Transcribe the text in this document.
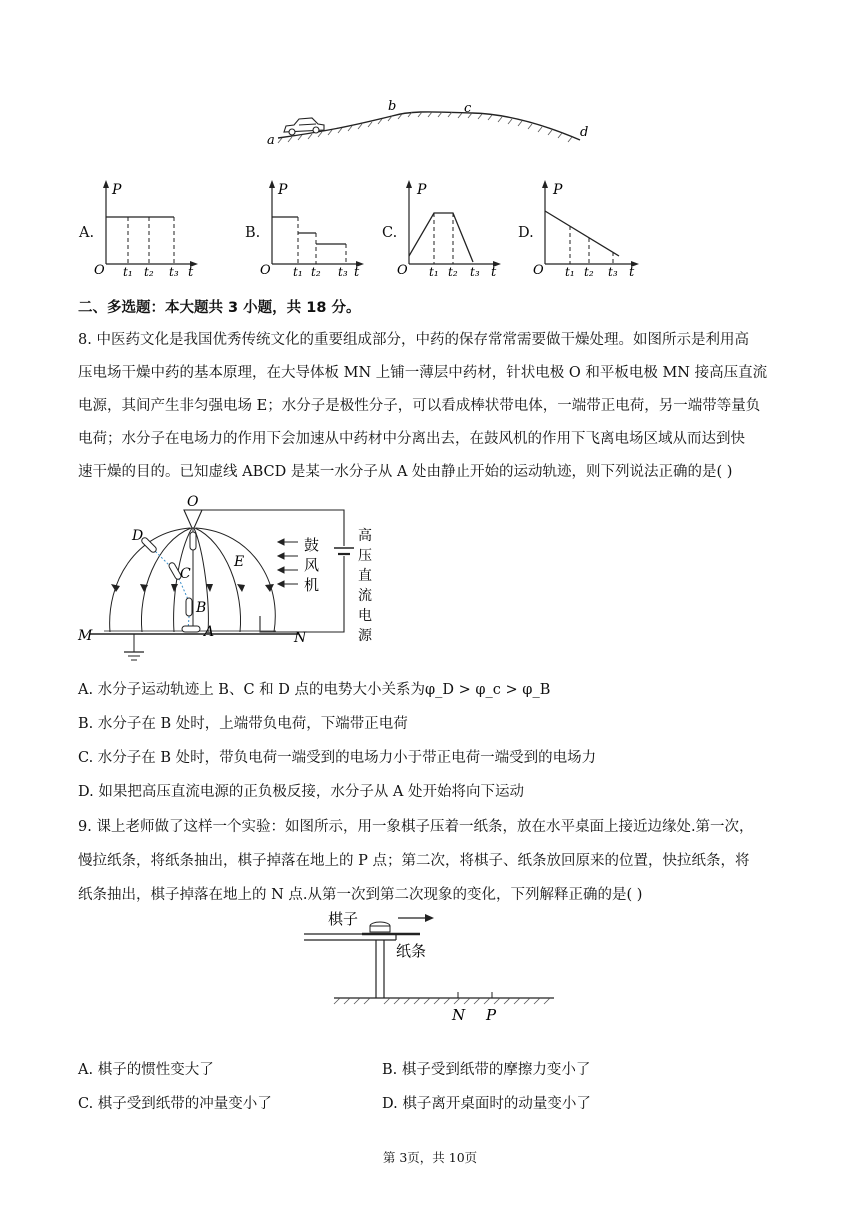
a
b	c
d
A.
P
O t₁ t₂ t₃ t
B.
P
O t₁ t₂ t₃ t
C.
P
O t₁ t₂ t₃ t
D.
P
O t₁ t₂ t₃ t
二、多选题：本大题共 3 小题，共 18 分。
8. 中医药文化是我国优秀传统文化的重要组成部分，中药的保存常常需要做干燥处理。如图所示是利用高
压电场干燥中药的基本原理，在大导体板 MN 上铺一薄层中药材，针状电极 O 和平板电极 MN 接高压直流
电源，其间产生非匀强电场 E；水分子是极性分子，可以看成棒状带电体，一端带正电荷，另一端带等量负
电荷；水分子在电场力的作用下会加速从中药材中分离出去，在鼓风机的作用下飞离电场区域从而达到快
速干燥的目的。已知虚线 ABCD 是某一水分子从 A 处由静止开始的运动轨迹，则下列说法正确的是( )
O
M	N
D
C
B
A
E
鼓
风
机
高
压
直
流
电
源
A. 水分子运动轨迹上 B、C 和 D 点的电势大小关系为φ_D > φ_c > φ_B
B. 水分子在 B 处时，上端带负电荷，下端带正电荷
C. 水分子在 B 处时，带负电荷一端受到的电场力小于带正电荷一端受到的电场力
D. 如果把高压直流电源的正负极反接，水分子从 A 处开始将向下运动
9. 课上老师做了这样一个实验：如图所示，用一象棋子压着一纸条，放在水平桌面上接近边缘处.第一次，
慢拉纸条，将纸条抽出，棋子掉落在地上的 P 点；第二次，将棋子、纸条放回原来的位置，快拉纸条，将
纸条抽出，棋子掉落在地上的 N 点.从第一次到第二次现象的变化，下列解释正确的是( )
棋子
纸条
N P
A. 棋子的惯性变大了	B. 棋子受到纸带的摩擦力变小了
C. 棋子受到纸带的冲量变小了	D. 棋子离开桌面时的动量变小了
第 3页，共 10页
